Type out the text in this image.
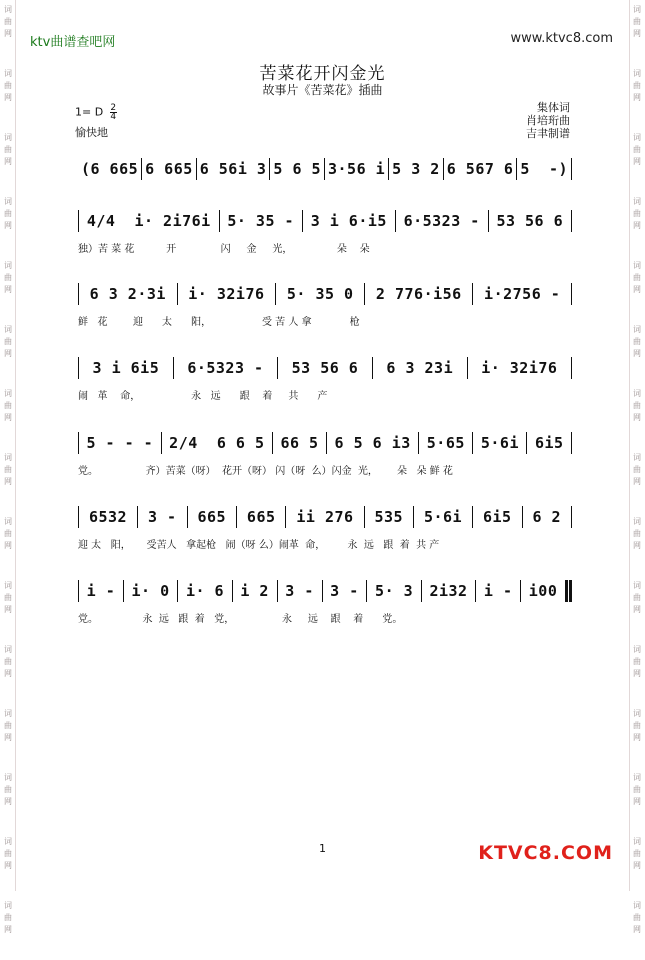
词曲网
词曲网
词曲网
词曲网
词曲网
词曲网
词曲网
词曲网
词曲网
词曲网
词曲网
词曲网
词曲网
词曲网
词曲网
词曲网
词曲网
词曲网
词曲网
词曲网
词曲网
词曲网
词曲网
词曲网
词曲网
词曲网
词曲网
词曲网
词曲网
词曲网
ktv曲谱查吧网	www.ktvc8.com
苦菜花开闪金光
故事片《苦菜花》插曲
1= D $\frac{2}{4}$
愉快地
集体词
肖培珩曲
吉聿制谱
(6 665 6 665 6 56i 3 5 6 5 3·56 i 5 3 2 6 567 6 5  -)
4/4  i· 2i76i	5· 35 -	3 i 6·i5	6·5323 -	53 56 6
独）苦 菜 花          开              闪     金     光，              朵    朵
6 3 2·3i	i· 32i76	5· 35 0	2 776·i56	i·2756 -
鲜   花        迎      太      阳，                受 苦 人 拿            枪
3 i 6i5	6·5323 -	53 56 6	6 3 23i	i· 32i76
闹   革    命，                永   远      跟    着     共      产
5 - - -	2/4  6 6 5	66 5	6 5 6 i3	5·65	5·6i	6i5
党。               齐）苦菜（呀）  花开（呀） 闪（呀  么）闪金  光，      朵   朵 鲜 花
6532	3 -	665	665	ii 276	535	5·6i	6i5	6 2
迎 太   阳，     受苦人   拿起枪   闹（呀 么）闹革  命，       永  远   跟  着  共 产
i -	i· 0	i· 6	i 2	3 -	3 -	5· 3	2i32	i -	i00
党。              永  远   跟  着   党，               永     远    跟    着      党。
1	KTVC8.COM
